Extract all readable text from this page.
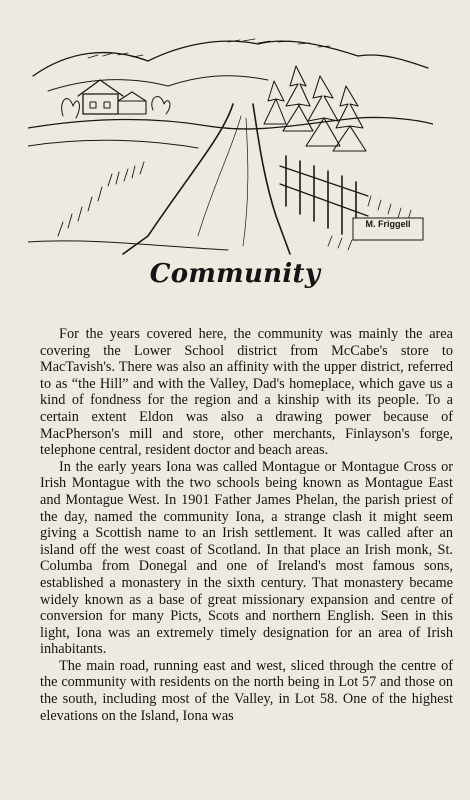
M. Friggell
Community

For the years covered here, the community was mainly the area covering the Lower School district from McCabe's store to MacTavish's. There was also an affinity with the upper district, referred to as “the Hill” and with the Valley, Dad's homeplace, which gave us a kind of fondness for the region and a kinship with its people. To a certain extent Eldon was also a drawing power because of MacPherson's mill and store, other merchants, Finlayson's forge, telephone central, resident doctor and beach areas.

In the early years Iona was called Montague or Montague Cross or Irish Montague with the two schools being known as Montague East and Montague West. In 1901 Father James Phelan, the parish priest of the day, named the community Iona, a strange clash it might seem giving a Scottish name to an Irish settlement. It was called after an island off the west coast of Scotland. In that place an Irish monk, St. Columba from Donegal and one of Ireland's most famous sons, established a monastery in the sixth century. That monastery became widely known as a base of great missionary expansion and centre of conversion for many Picts, Scots and northern English. Seen in this light, Iona was an extremely timely designation for an area of Irish inhabitants.

The main road, running east and west, sliced through the centre of the community with residents on the north being in Lot 57 and those on the south, including most of the Valley, in Lot 58. One of the highest elevations on the Island, Iona was
